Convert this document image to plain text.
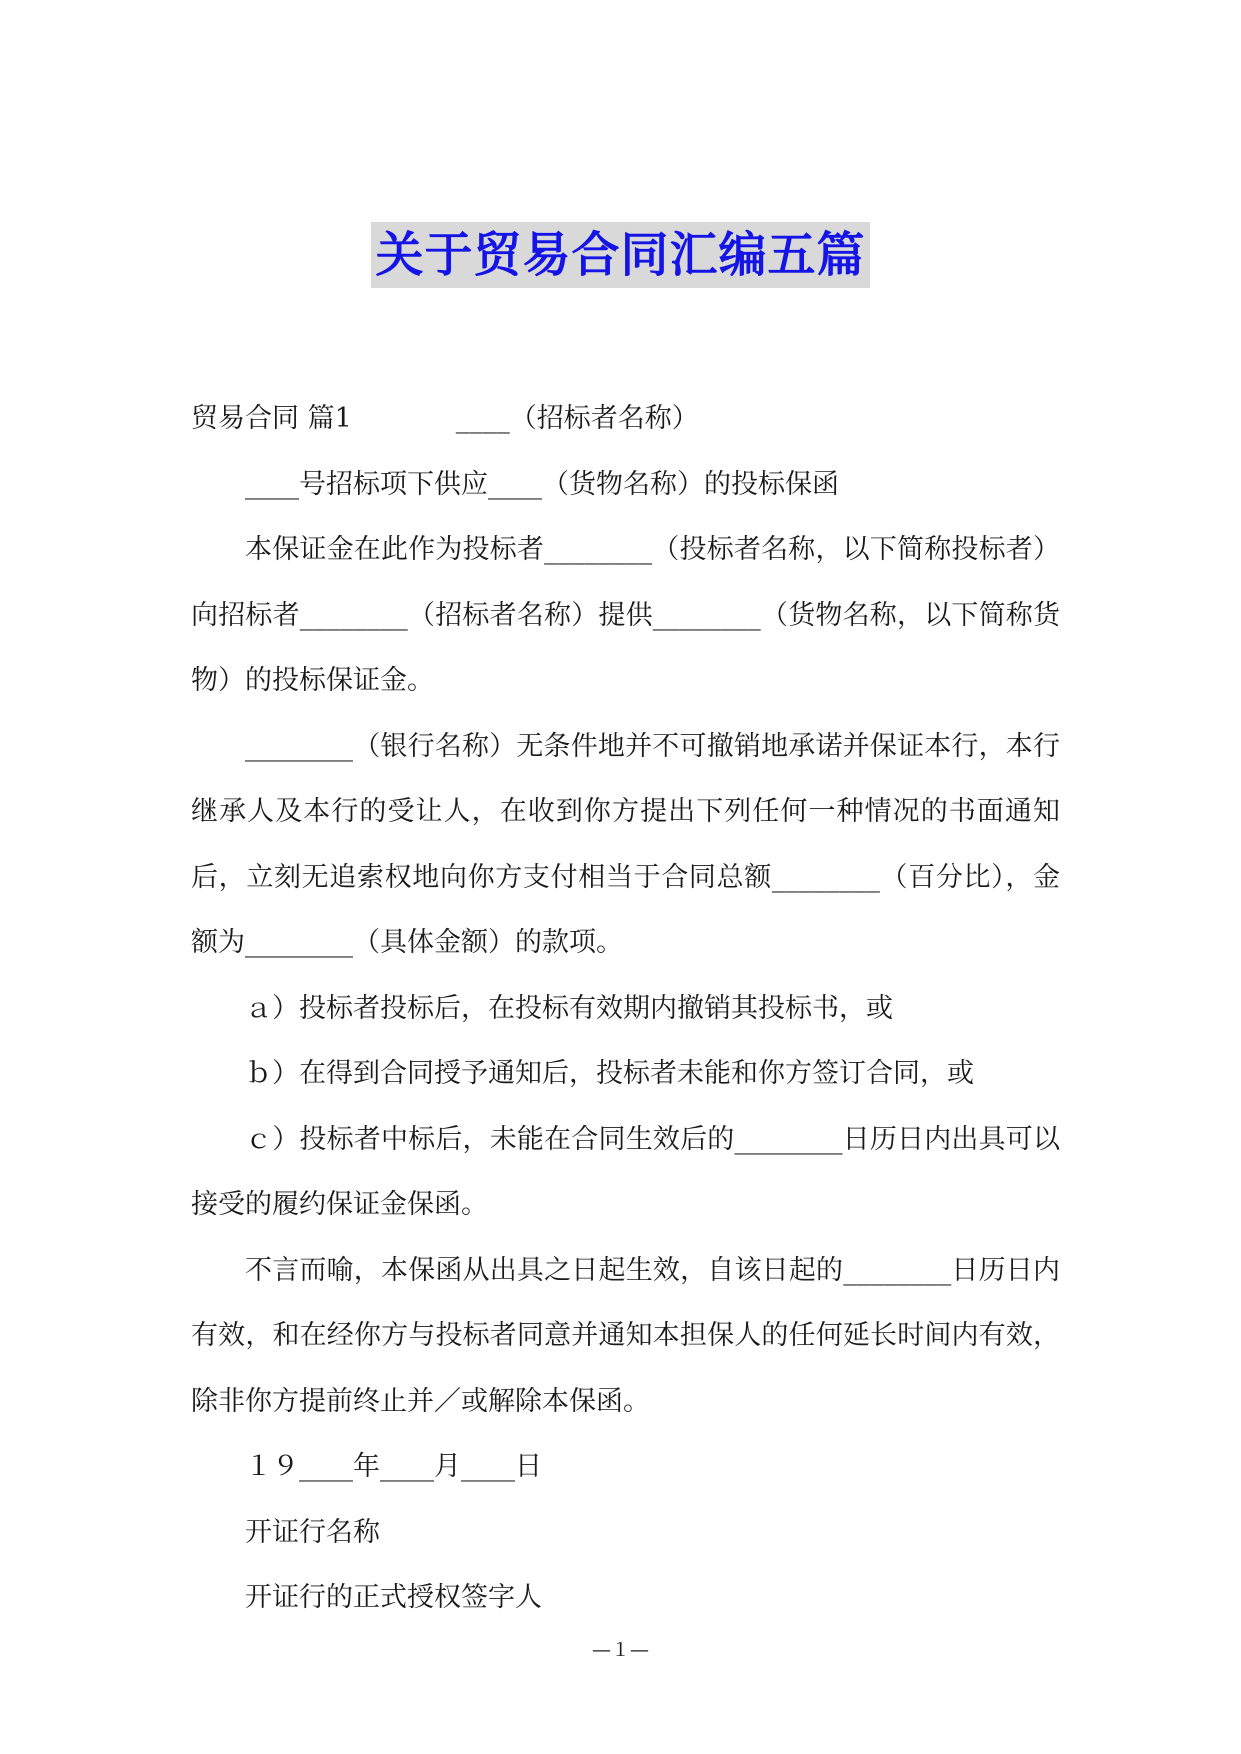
关于贸易合同汇编五篇

贸易合同 篇1	____（招标者名称）

____号招标项下供应____（货物名称）的投标保函

本保证金在此作为投标者________（投标者名称，以下简称投标者）向招标者________（招标者名称）提供________（货物名称，以下简称货物）的投标保证金。

________（银行名称）无条件地并不可撤销地承诺并保证本行，本行继承人及本行的受让人，在收到你方提出下列任何一种情况的书面通知后，立刻无追索权地向你方支付相当于合同总额________（百分比），金额为________（具体金额）的款项。

ａ）投标者投标后，在投标有效期内撤销其投标书，或

ｂ）在得到合同授予通知后，投标者未能和你方签订合同，或

ｃ）投标者中标后，未能在合同生效后的________日历日内出具可以接受的履约保证金保函。

不言而喻，本保函从出具之日起生效，自该日起的________日历日内有效，和在经你方与投标者同意并通知本担保人的任何延长时间内有效，除非你方提前终止并／或解除本保函。

１９____年____月____日

开证行名称

开证行的正式授权签字人

—１—
